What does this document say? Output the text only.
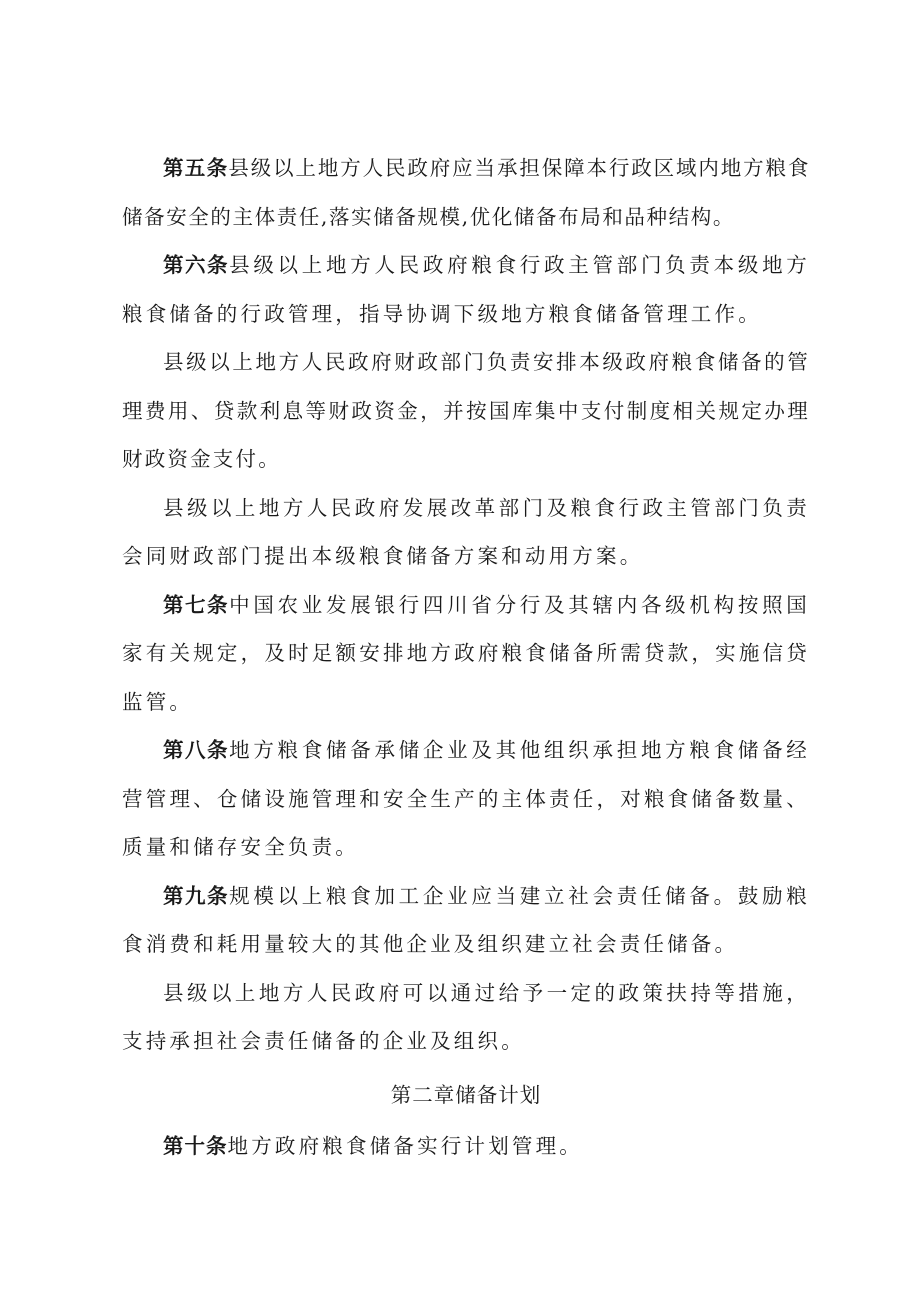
第五条县级以上地方人民政府应当承担保障本行政区域内地方粮食储备安全的主体责任,落实储备规模,优化储备布局和品种结构。

第六条县级以上地方人民政府粮食行政主管部门负责本级地方粮食储备的行政管理，指导协调下级地方粮食储备管理工作。

县级以上地方人民政府财政部门负责安排本级政府粮食储备的管理费用、贷款利息等财政资金，并按国库集中支付制度相关规定办理财政资金支付。

县级以上地方人民政府发展改革部门及粮食行政主管部门负责会同财政部门提出本级粮食储备方案和动用方案。

第七条中国农业发展银行四川省分行及其辖内各级机构按照国家有关规定，及时足额安排地方政府粮食储备所需贷款，实施信贷监管。

第八条地方粮食储备承储企业及其他组织承担地方粮食储备经营管理、仓储设施管理和安全生产的主体责任，对粮食储备数量、质量和储存安全负责。

第九条规模以上粮食加工企业应当建立社会责任储备。鼓励粮食消费和耗用量较大的其他企业及组织建立社会责任储备。

县级以上地方人民政府可以通过给予一定的政策扶持等措施，支持承担社会责任储备的企业及组织。

第二章储备计划

第十条地方政府粮食储备实行计划管理。
